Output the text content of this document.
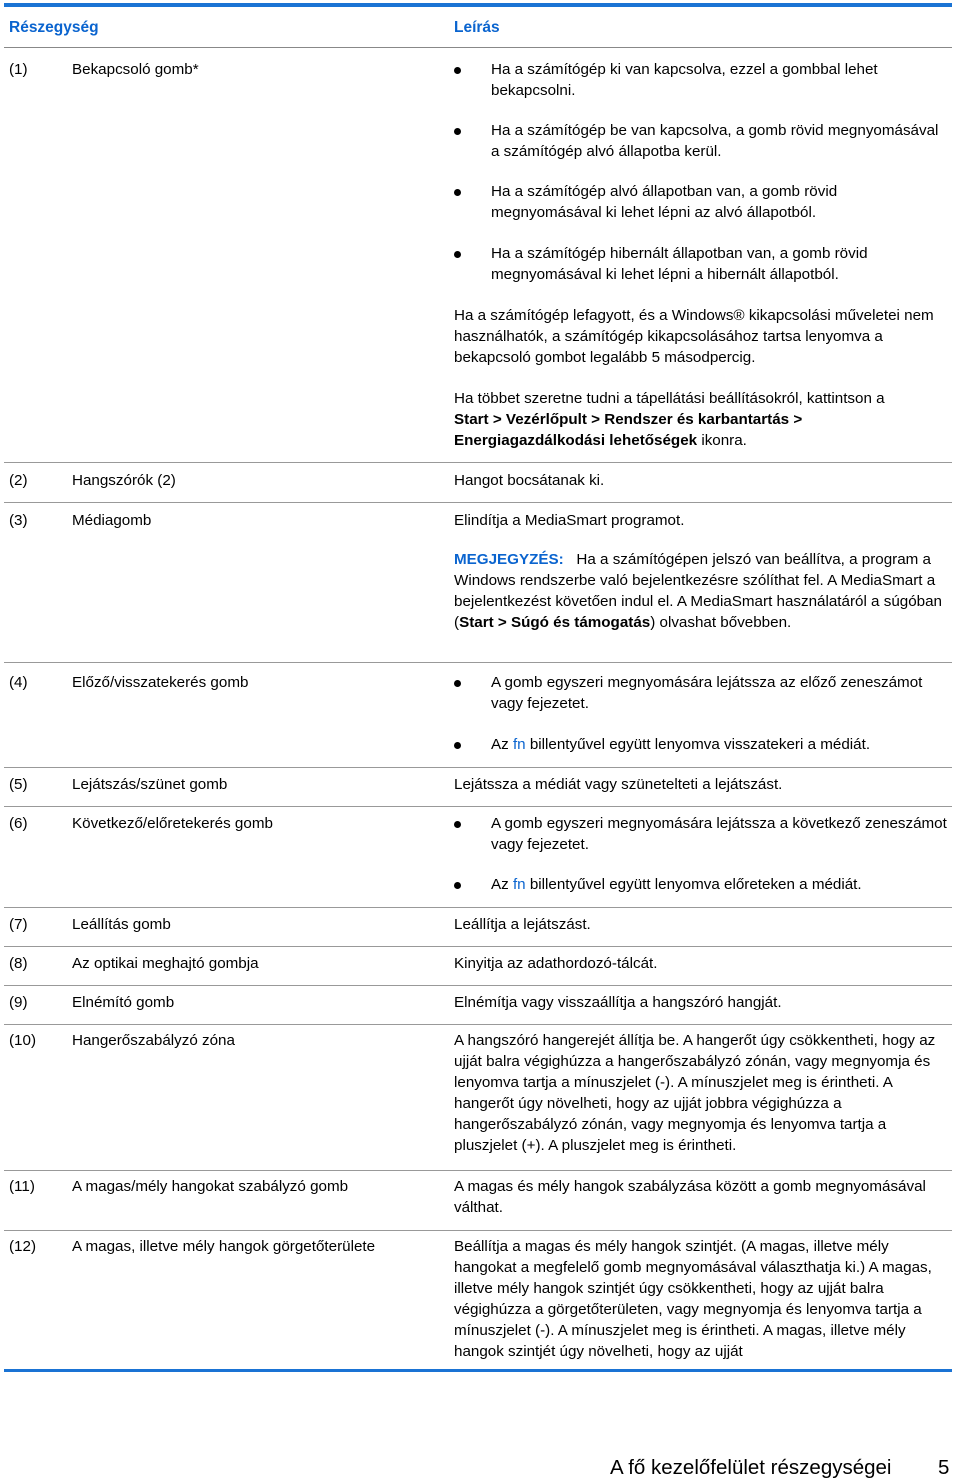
Részegység	Leírás
(1)	Bekapcsoló gomb*	Ha a számítógép ki van kapcsolva, ezzel a gombbal lehet bekapcsolni.
Ha a számítógép be van kapcsolva, a gomb rövid megnyomásával a számítógép alvó állapotba kerül.
Ha a számítógép alvó állapotban van, a gomb rövid megnyomásával ki lehet lépni az alvó állapotból.
Ha a számítógép hibernált állapotban van, a gomb rövid megnyomásával ki lehet lépni a hibernált állapotból.
Ha a számítógép lefagyott, és a Windows® kikapcsolási műveletei nem használhatók, a számítógép kikapcsolásához tartsa lenyomva a bekapcsoló gombot legalább 5 másodpercig.
Ha többet szeretne tudni a tápellátási beállításokról, kattintson a
Start > Vezérlőpult > Rendszer és karbantartás > Energiagazdálkodási lehetőségek ikonra.
(2)	Hangszórók (2)	Hangot bocsátanak ki.
(3)	Médiagomb	Elindítja a MediaSmart programot.
MEGJEGYZÉS: Ha a számítógépen jelszó van beállítva, a program a Windows rendszerbe való bejelentkezésre szólíthat fel. A MediaSmart a bejelentkezést követően indul el. A MediaSmart használatáról a súgóban (Start > Súgó és támogatás) olvashat bővebben.
(4)	Előző/visszatekerés gomb	A gomb egyszeri megnyomására lejátssza az előző zeneszámot vagy fejezetet.
Az fn billentyűvel együtt lenyomva visszatekeri a médiát.
(5)	Lejátszás/szünet gomb	Lejátssza a médiát vagy szünetelteti a lejátszást.
(6)	Következő/előretekerés gomb	A gomb egyszeri megnyomására lejátssza a következő zeneszámot vagy fejezetet.
Az fn billentyűvel együtt lenyomva előreteken a médiát.
(7)	Leállítás gomb	Leállítja a lejátszást.
(8)	Az optikai meghajtó gombja	Kinyitja az adathordozó-tálcát.
(9)	Elnémító gomb	Elnémítja vagy visszaállítja a hangszóró hangját.
(10) Hangerőszabályzó zóna	A hangszóró hangerejét állítja be. A hangerőt úgy csökkentheti, hogy az ujját balra végighúzza a hangerőszabályzó zónán, vagy megnyomja és lenyomva tartja a mínuszjelet (-). A mínuszjelet meg is érintheti. A hangerőt úgy növelheti, hogy az ujját jobbra végighúzza a hangerőszabályzó zónán, vagy megnyomja és lenyomva tartja a pluszjelet (+). A pluszjelet meg is érintheti.
(11) A magas/mély hangokat szabályzó gomb	A magas és mély hangok szabályzása között a gomb megnyomásával válthat.
(12) A magas, illetve mély hangok görgetőterülete	Beállítja a magas és mély hangok szintjét. (A magas, illetve mély hangokat a megfelelő gomb megnyomásával választhatja ki.) A magas, illetve mély hangok szintjét úgy csökkentheti, hogy az ujját balra végighúzza a görgetőterületen, vagy megnyomja és lenyomva tartja a mínuszjelet (-). A mínuszjelet meg is érintheti. A magas, illetve mély hangok szintjét úgy növelheti, hogy az ujját
A fő kezelőfelület részegységei 5
